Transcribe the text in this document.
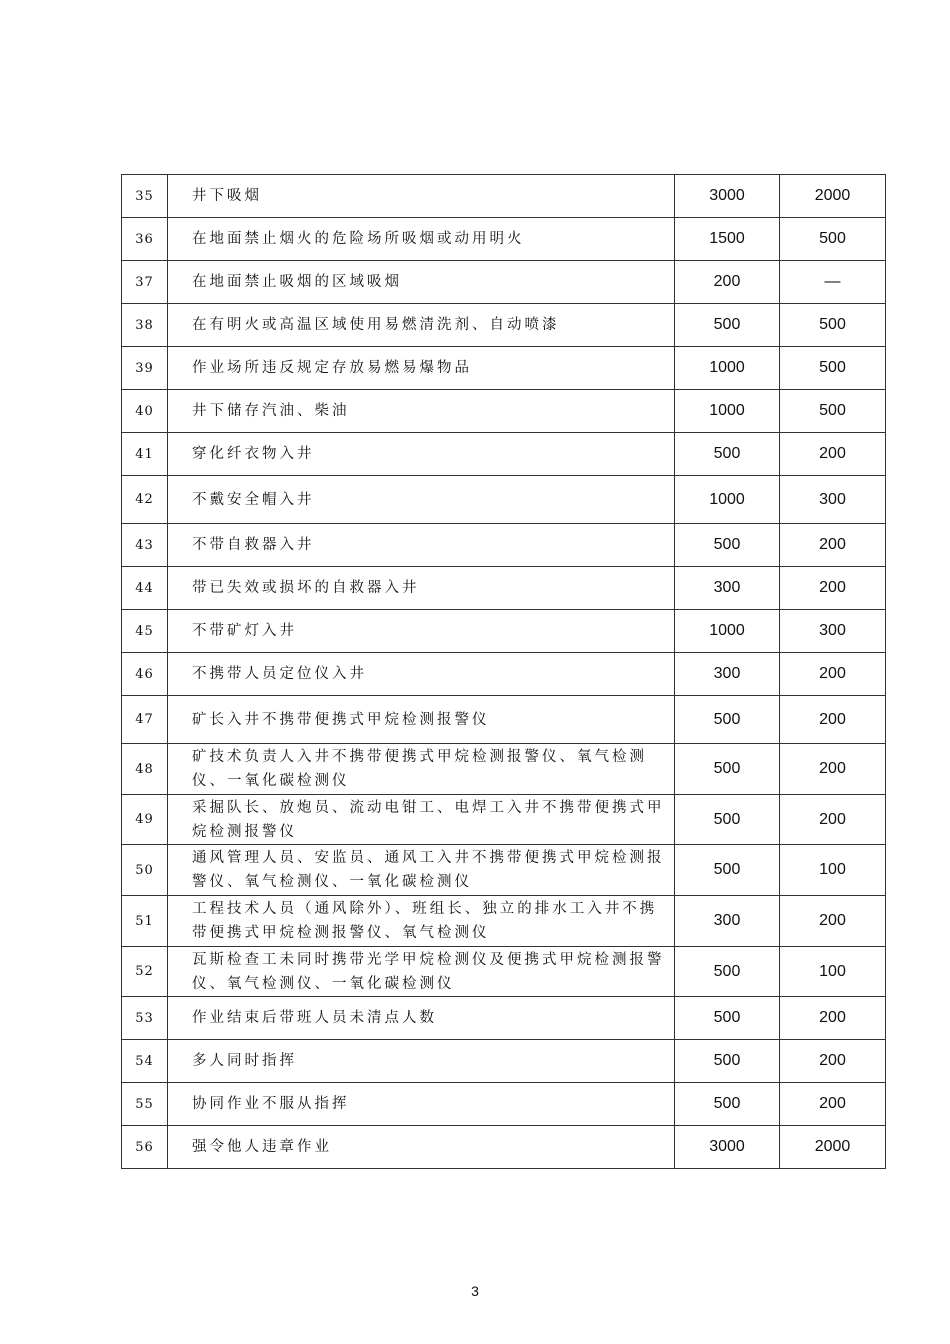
35	井下吸烟	3000	2000
36	在地面禁止烟火的危险场所吸烟或动用明火	1500	500
37	在地面禁止吸烟的区域吸烟	200	—
38	在有明火或高温区域使用易燃清洗剂、自动喷漆	500	500
39	作业场所违反规定存放易燃易爆物品	1000	500
40	井下储存汽油、柴油	1000	500
41	穿化纤衣物入井	500	200
42	不戴安全帽入井	1000	300
43	不带自救器入井	500	200
44	带已失效或损坏的自救器入井	300	200
45	不带矿灯入井	1000	300
46	不携带人员定位仪入井	300	200
47	矿长入井不携带便携式甲烷检测报警仪	500	200
48	矿技术负责人入井不携带便携式甲烷检测报警仪、氧气检测仪、一氧化碳检测仪	500	200
49	采掘队长、放炮员、流动电钳工、电焊工入井不携带便携式甲烷检测报警仪	500	200
50	通风管理人员、安监员、通风工入井不携带便携式甲烷检测报警仪、氧气检测仪、一氧化碳检测仪	500	100
51	工程技术人员（通风除外）、班组长、独立的排水工入井不携带便携式甲烷检测报警仪、氧气检测仪	300	200
52	瓦斯检查工未同时携带光学甲烷检测仪及便携式甲烷检测报警仪、氧气检测仪、一氧化碳检测仪	500	100
53	作业结束后带班人员未清点人数	500	200
54	多人同时指挥	500	200
55	协同作业不服从指挥	500	200
56	强令他人违章作业	3000	2000
3
